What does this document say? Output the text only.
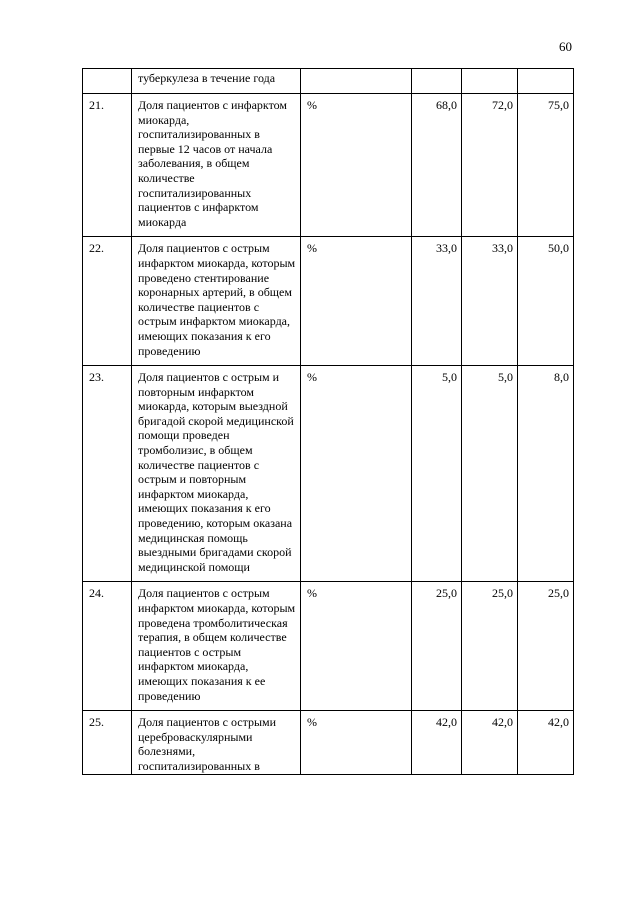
60
	туберкулеза в течение года				
21.	Доля пациентов с инфарктом миокарда, госпитализированных в первые 12 часов от начала заболевания, в общем количестве госпитализированных пациентов с инфарктом миокарда	%	68,0	72,0	75,0
22.	Доля пациентов с острым инфарктом миокарда, которым проведено стентирование коронарных артерий, в общем количестве пациентов с острым инфарктом миокарда, имеющих показания к его проведению	%	33,0	33,0	50,0
23.	Доля пациентов с острым и повторным инфарктом миокарда, которым выездной бригадой скорой медицинской помощи проведен тромболизис, в общем количестве пациентов с острым и повторным инфарктом миокарда, имеющих показания к его проведению, которым оказана медицинская помощь выездными бригадами скорой медицинской помощи	%	5,0	5,0	8,0
24.	Доля пациентов с острым инфарктом миокарда, которым проведена тромболитическая терапия, в общем количестве пациентов с острым инфарктом миокарда, имеющих показания к ее проведению	%	25,0	25,0	25,0
25.	Доля пациентов с острыми цереброваскулярными болезнями, госпитализированных в	%	42,0	42,0	42,0
